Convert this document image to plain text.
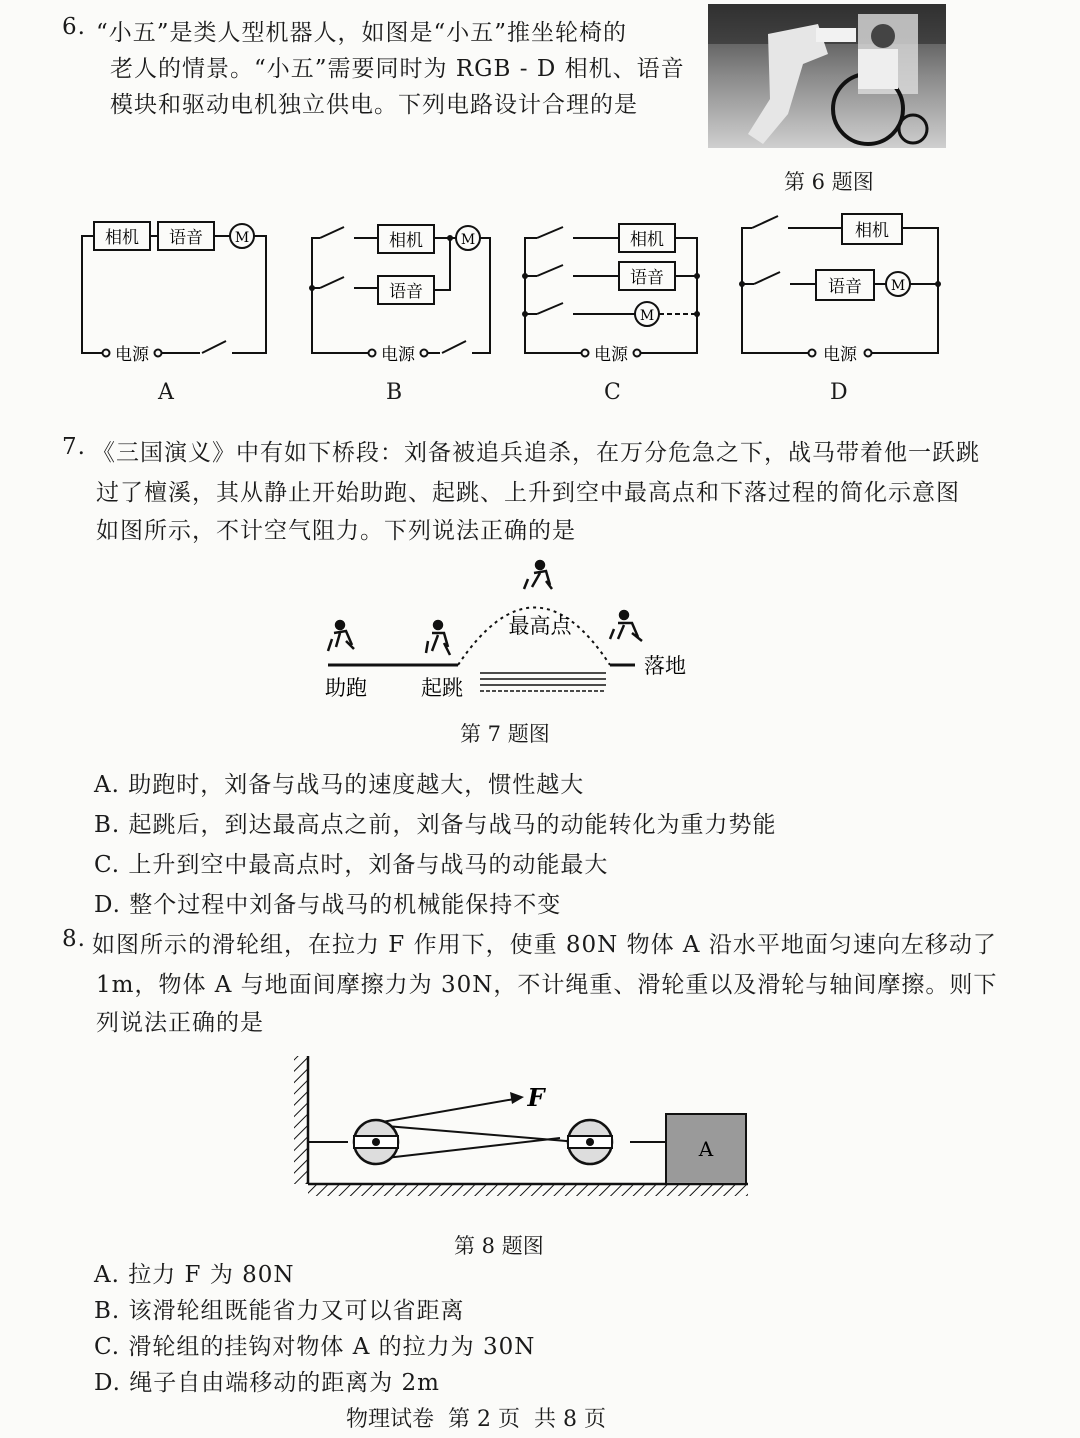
6. “小五”是类人型机器人，如图是“小五”推坐轮椅的
老人的情景。“小五”需要同时为 RGB - D 相机、语音
模块和驱动电机独立供电。下列电路设计合理的是
第 6 题图
相机 语音 M
电源
A
相机
语音
M
电源
B
相机
语音
M
电源
C
相机
语音 M
电源
D
7. 《三国演义》中有如下桥段：刘备被追兵追杀，在万分危急之下，战马带着他一跃跳
过了檀溪，其从静止开始助跑、起跳、上升到空中最高点和下落过程的简化示意图
如图所示，不计空气阻力。下列说法正确的是
助跑	起跳
最高点
落地
第 7 题图
A. 助跑时，刘备与战马的速度越大，惯性越大
B. 起跳后，到达最高点之前，刘备与战马的动能转化为重力势能
C. 上升到空中最高点时，刘备与战马的动能最大
D. 整个过程中刘备与战马的机械能保持不变
8. 如图所示的滑轮组，在拉力 F 作用下，使重 80N 物体 A 沿水平地面匀速向左移动了
1m，物体 A 与地面间摩擦力为 30N，不计绳重、滑轮重以及滑轮与轴间摩擦。则下
列说法正确的是
A
F
第 8 题图
A. 拉力 F 为 80N
B. 该滑轮组既能省力又可以省距离
C. 滑轮组的挂钩对物体 A 的拉力为 30N
D. 绳子自由端移动的距离为 2m
物理试卷  第 2 页  共 8 页
